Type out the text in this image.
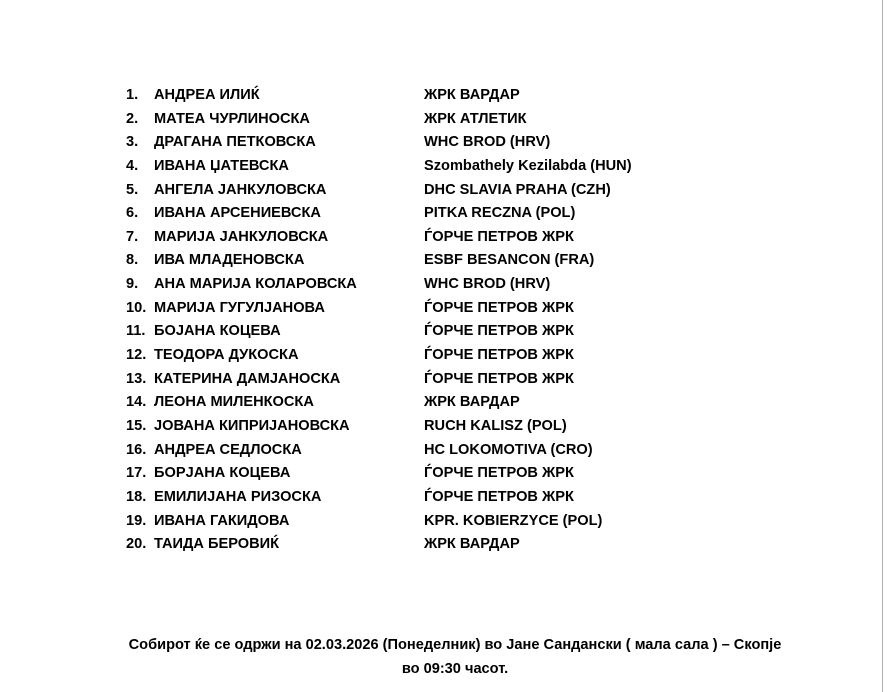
1. АНДРЕА ИЛИЌ	ЖРК ВАРДАР
2. МАТЕА ЧУРЛИНОСКА	ЖРК АТЛЕТИК
3. ДРАГАНА ПЕТКОВСКА	WHC BROD (HRV)
4. ИВАНА ЏАТЕВСКА	Szombathely Kezilabda (HUN)
5. АНГЕЛА ЈАНКУЛОВСКА	DHC SLAVIA PRAHA (CZH)
6. ИВАНА АРСЕНИЕВСКА	PITKA RECZNA (POL)
7. МАРИЈА ЈАНКУЛОВСКА	ЃОРЧЕ ПЕТРОВ ЖРК
8. ИВА МЛАДЕНОВСКА	ESBF BESANCON (FRA)
9. АНА МАРИЈА КОЛАРОВСКА	WHC BROD (HRV)
10. МАРИЈА ГУГУЛЈАНОВА	ЃОРЧЕ ПЕТРОВ ЖРК
11. БОЈАНА КОЦЕВА	ЃОРЧЕ ПЕТРОВ ЖРК
12. ТЕОДОРА ДУКОСКА	ЃОРЧЕ ПЕТРОВ ЖРК
13. КАТЕРИНА ДАМЈАНОСКА	ЃОРЧЕ ПЕТРОВ ЖРК
14. ЛЕОНА МИЛЕНКОСКА	ЖРК ВАРДАР
15. ЈОВАНА КИПРИЈАНОВСКА	RUCH KALISZ (POL)
16. АНДРЕА СЕДЛОСКА	HC LOKOMOTIVA (CRO)
17. БОРЈАНА КОЦЕВА	ЃОРЧЕ ПЕТРОВ ЖРК
18. ЕМИЛИЈАНА РИЗОСКА	ЃОРЧЕ ПЕТРОВ ЖРК
19. ИВАНА ГАКИДОВА	KPR. KOBIERZYCE (POL)
20. ТАИДА БЕРОВИЌ	ЖРК ВАРДАР
Собирот ќе се одржи на 02.03.2026 (Понеделник) во Јане Сандански ( мала сала ) – Скопје
во 09:30 часот.
